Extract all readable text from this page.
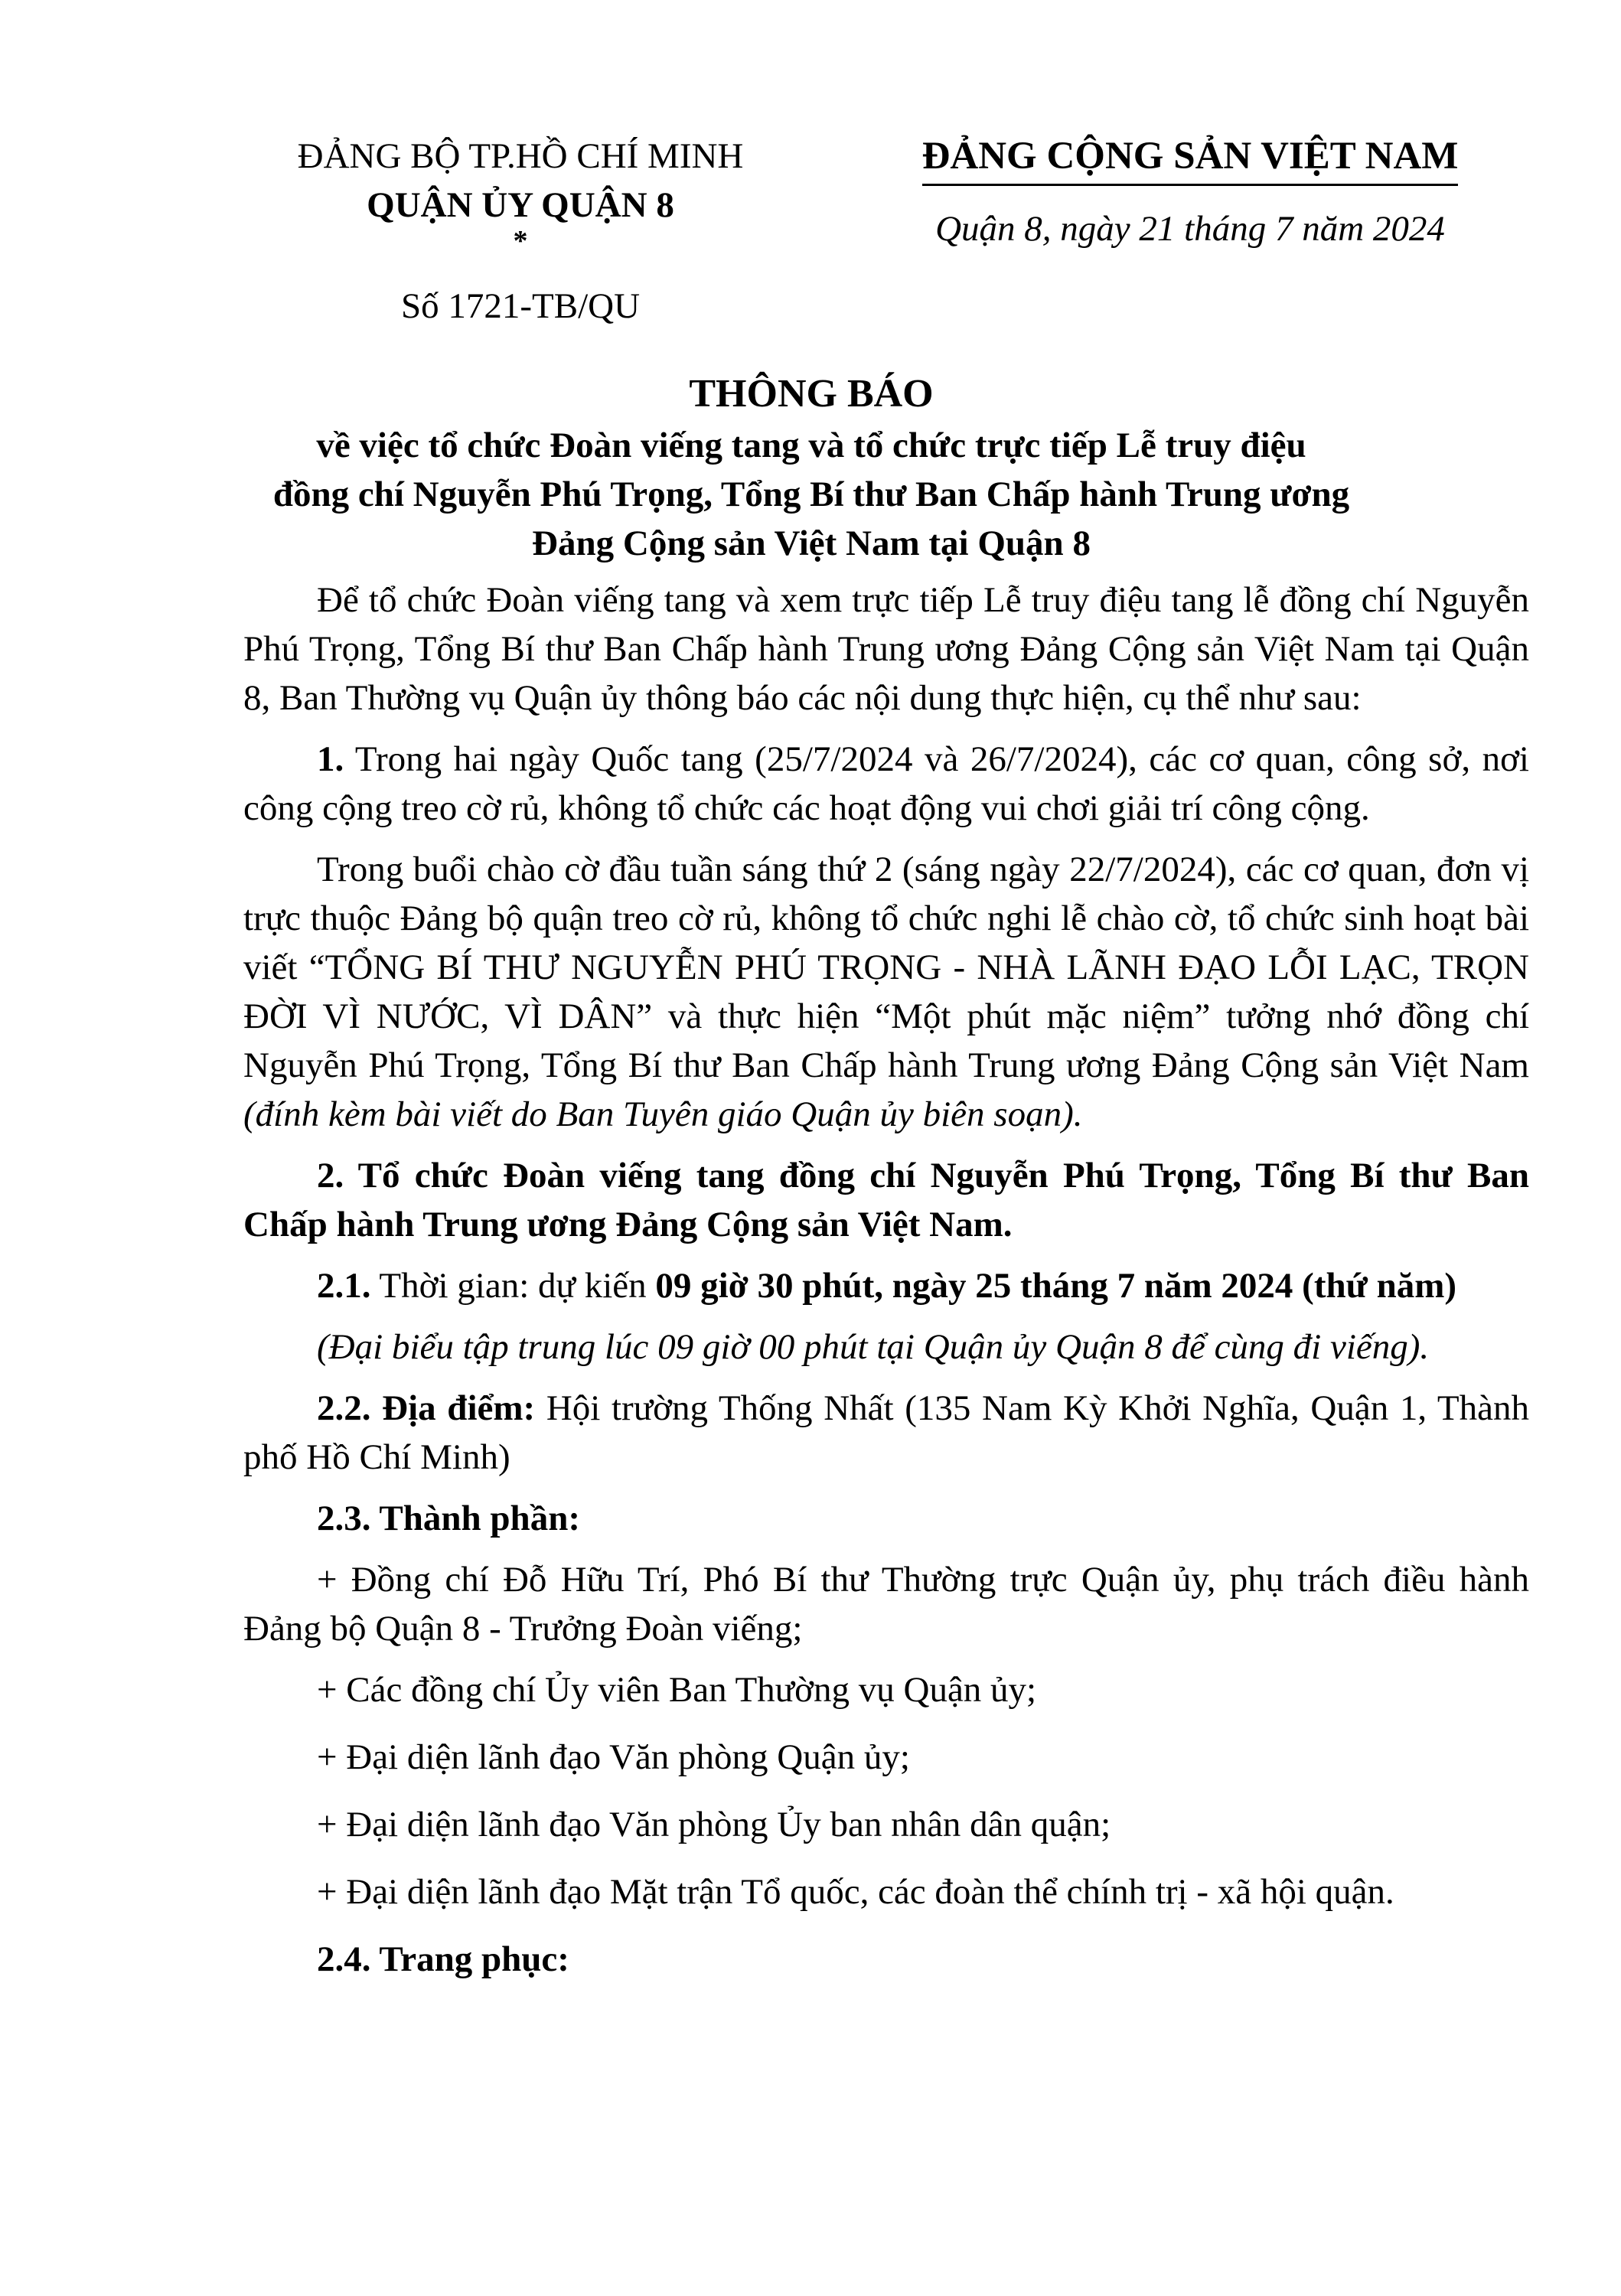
ĐẢNG BỘ TP.HỒ CHÍ MINH
QUẬN ỦY QUẬN 8
*
Số 1721-TB/QU
ĐẢNG CỘNG SẢN VIỆT NAM
Quận 8, ngày 21 tháng 7 năm 2024
THÔNG BÁO
về việc tổ chức Đoàn viếng tang và tổ chức trực tiếp Lễ truy điệu
đồng chí Nguyễn Phú Trọng, Tổng Bí thư Ban Chấp hành Trung ương
Đảng Cộng sản Việt Nam tại Quận 8

Để tổ chức Đoàn viếng tang và xem trực tiếp Lễ truy điệu tang lễ đồng chí Nguyễn Phú Trọng, Tổng Bí thư Ban Chấp hành Trung ương Đảng Cộng sản Việt Nam tại Quận 8, Ban Thường vụ Quận ủy thông báo các nội dung thực hiện, cụ thể như sau:

1. Trong hai ngày Quốc tang (25/7/2024 và 26/7/2024), các cơ quan, công sở, nơi công cộng treo cờ rủ, không tổ chức các hoạt động vui chơi giải trí công cộng.

Trong buổi chào cờ đầu tuần sáng thứ 2 (sáng ngày 22/7/2024), các cơ quan, đơn vị trực thuộc Đảng bộ quận treo cờ rủ, không tổ chức nghi lễ chào cờ, tổ chức sinh hoạt bài viết “TỔNG BÍ THƯ NGUYỄN PHÚ TRỌNG - NHÀ LÃNH ĐẠO LỖI LẠC, TRỌN ĐỜI VÌ NƯỚC, VÌ DÂN” và thực hiện “Một phút mặc niệm” tưởng nhớ đồng chí Nguyễn Phú Trọng, Tổng Bí thư Ban Chấp hành Trung ương Đảng Cộng sản Việt Nam (đính kèm bài viết do Ban Tuyên giáo Quận ủy biên soạn).

2. Tổ chức Đoàn viếng tang đồng chí Nguyễn Phú Trọng, Tổng Bí thư Ban Chấp hành Trung ương Đảng Cộng sản Việt Nam.

2.1. Thời gian: dự kiến 09 giờ 30 phút, ngày 25 tháng 7 năm 2024 (thứ năm)

(Đại biểu tập trung lúc 09 giờ 00 phút tại Quận ủy Quận 8 để cùng đi viếng).

2.2. Địa điểm: Hội trường Thống Nhất (135 Nam Kỳ Khởi Nghĩa, Quận 1, Thành phố Hồ Chí Minh)

2.3. Thành phần:

+ Đồng chí Đỗ Hữu Trí, Phó Bí thư Thường trực Quận ủy, phụ trách điều hành Đảng bộ Quận 8 - Trưởng Đoàn viếng;

+ Các đồng chí Ủy viên Ban Thường vụ Quận ủy;

+ Đại diện lãnh đạo Văn phòng Quận ủy;

+ Đại diện lãnh đạo Văn phòng Ủy ban nhân dân quận;

+ Đại diện lãnh đạo Mặt trận Tổ quốc, các đoàn thể chính trị - xã hội quận.

2.4. Trang phục:
